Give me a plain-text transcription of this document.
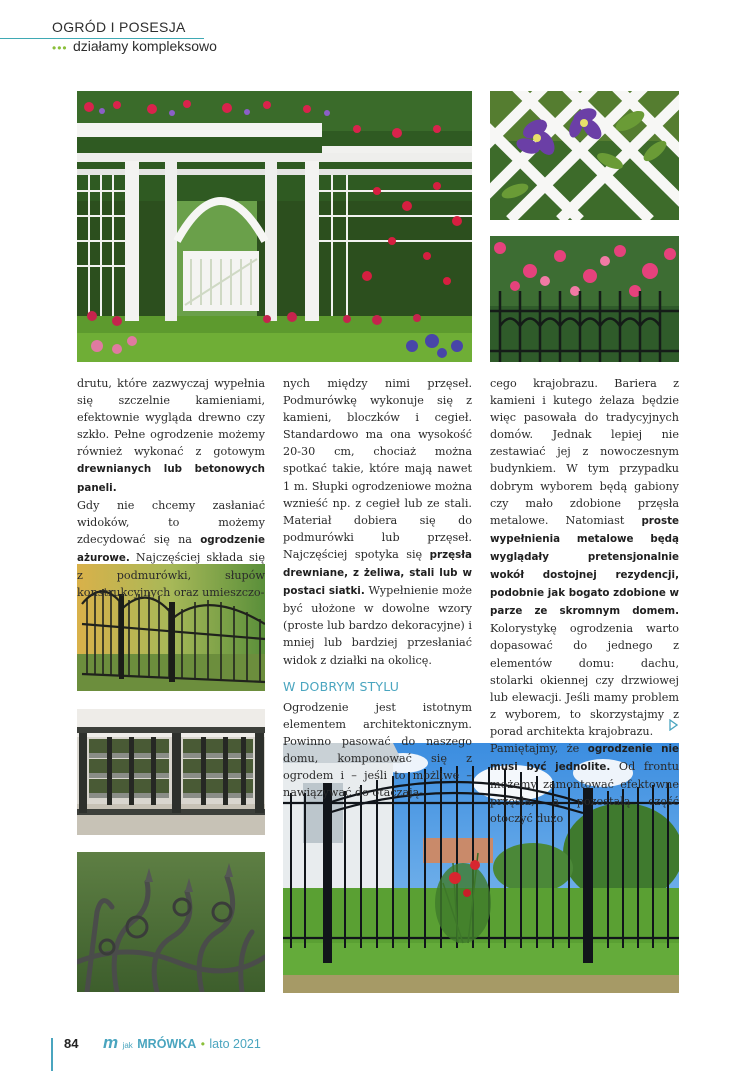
OGRÓD I POSESJA
••• działamy kompleksowo

drutu, które zazwyczaj wypełnia się szczelnie kamieniami, efektownie wygląda drewno czy szkło. Pełne ogrodzenie możemy również wykonać z gotowym drewnianych lub betonowych paneli.

Gdy nie chcemy zasłaniać widoków, to możemy zdecydować się na ogrodzenie ażurowe. Najczęściej składa się z podmurówki, słupów konstrukcyjnych oraz umieszczo-

nych między nimi przęseł. Podmurówkę wykonuje się z kamieni, bloczków i cegieł. Standardowo ma ona wysokość 20-30 cm, chociaż można spotkać takie, które mają nawet 1 m. Słupki ogrodzeniowe można wznieść np. z cegieł lub ze stali. Materiał dobiera się do podmurówki lub przęseł. Najczęściej spotyka się przęsła drewniane, z żeliwa, stali lub w postaci siatki. Wypełnienie może być ułożone w dowolne wzory (proste lub bardzo dekoracyjne) i mniej lub bardziej przesłaniać widok z działki na okolicę.

W DOBRYM STYLU

Ogrodzenie jest istotnym elementem architektonicznym. Powinno pasować do naszego domu, komponować się z ogrodem i – jeśli to możliwe – nawiązywać do otaczają-

cego krajobrazu. Bariera z kamieni i kutego żelaza będzie więc pasowała do tradycyjnych domów. Jednak lepiej nie zestawiać jej z nowoczesnym budynkiem. W tym przypadku dobrym wyborem będą gabiony czy mało zdobione przęsła metalowe. Natomiast proste wypełnienia metalowe będą wyglądały pretensjonalnie wokół dostojnej rezydencji, podobnie jak bogato zdobione w parze ze skromnym domem. Kolorystykę ogrodzenia warto dopasować do jednego z elementów domu: dachu, stolarki okiennej czy drzwiowej lub elewacji. Jeśli mamy problem z wyborem, to skorzystajmy z porad architekta krajobrazu.

Pamiętajmy, że ogrodzenie nie musi być jednolite. Od frontu możemy zamontować efektowne przęsła, a pozostałą część otoczyć dużo

84 m jak MRÓWKA • lato 2021
